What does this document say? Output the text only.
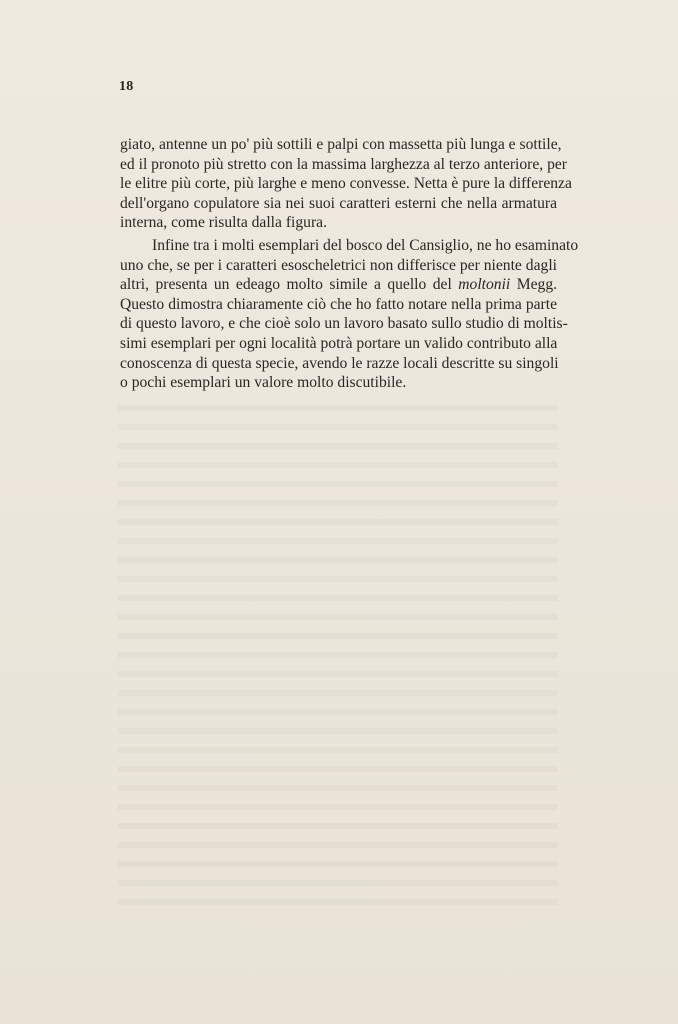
18
giato, antenne un po' più sottili e palpi con massetta più lunga e sottile,
ed il pronoto più stretto con la massima larghezza al terzo anteriore, per
le elitre più corte, più larghe e meno convesse. Netta è pure la differenza
dell'organo copulatore sia nei suoi caratteri esterni che nella armatura
interna, come risulta dalla figura.
Infine tra i molti esemplari del bosco del Cansiglio, ne ho esaminato
uno che, se per i caratteri esoscheletrici non differisce per niente dagli
altri, presenta un edeago molto simile a quello del moltonii Megg.
Questo dimostra chiaramente ciò che ho fatto notare nella prima parte
di questo lavoro, e che cioè solo un lavoro basato sullo studio di moltis-
simi esemplari per ogni località potrà portare un valido contributo alla
conoscenza di questa specie, avendo le razze locali descritte su singoli
o pochi esemplari un valore molto discutibile.
